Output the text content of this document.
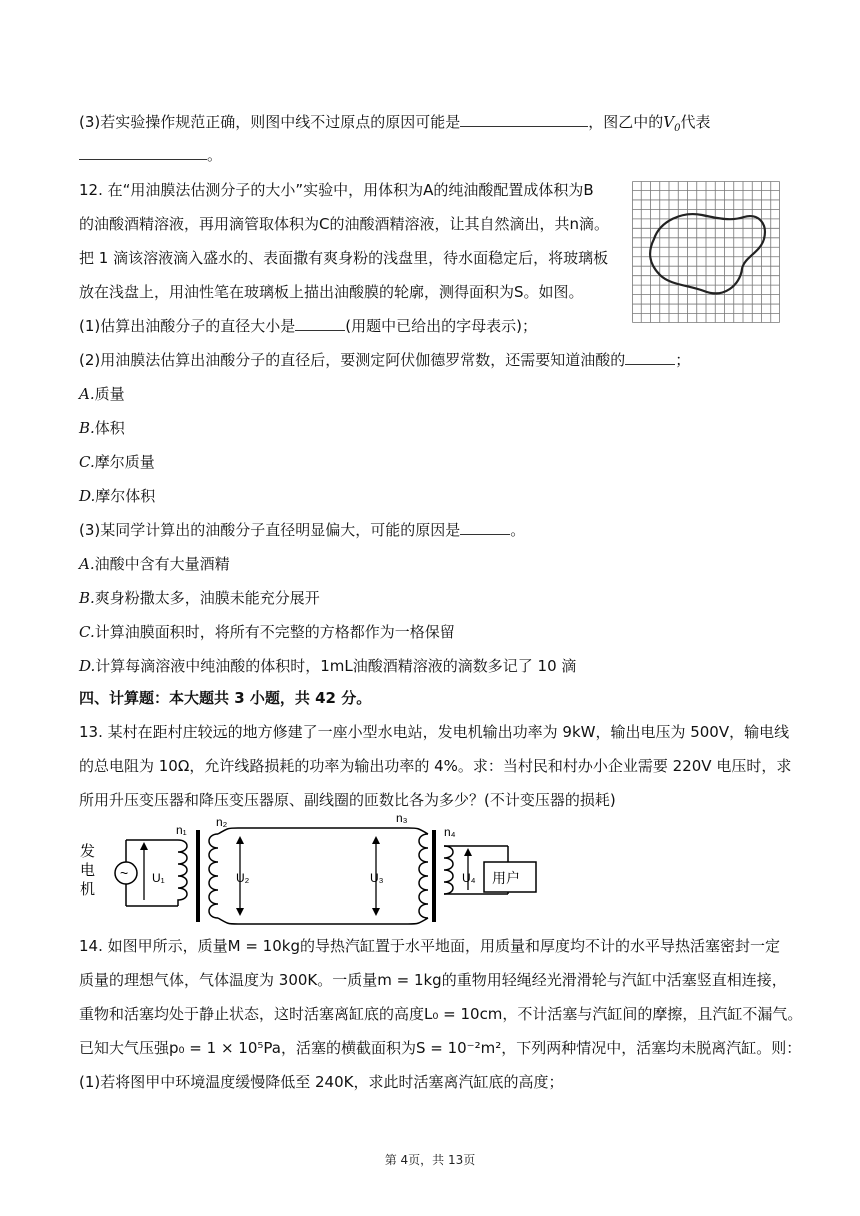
(3)若实验操作规范正确，则图中线不过原点的原因可能是	，图乙中的$V_0$代表
。
12. 在“用油膜法估测分子的大小”实验中，用体积为A的纯油酸配置成体积为B
的油酸酒精溶液，再用滴管取体积为C的油酸酒精溶液，让其自然滴出，共n滴。
把 1 滴该溶液滴入盛水的、表面撒有爽身粉的浅盘里，待水面稳定后，将玻璃板
放在浅盘上，用油性笔在玻璃板上描出油酸膜的轮廓，测得面积为S。如图。
(1)估算出油酸分子的直径大小是	(用题中已给出的字母表示)；
(2)用油膜法估算出油酸分子的直径后，要测定阿伏伽德罗常数，还需要知道油酸的	；
A.质量
B.体积
C.摩尔质量
D.摩尔体积
(3)某同学计算出的油酸分子直径明显偏大，可能的原因是	。
A.油酸中含有大量酒精
B.爽身粉撒太多，油膜未能充分展开
C.计算油膜面积时，将所有不完整的方格都作为一格保留
D.计算每滴溶液中纯油酸的体积时，1mL油酸酒精溶液的滴数多记了 10 滴
四、计算题：本大题共 3 小题，共 42 分。
13. 某村在距村庄较远的地方修建了一座小型水电站，发电机输出功率为 9kW，输出电压为 500V，输电线
的总电阻为 10Ω，允许线路损耗的功率为输出功率的 4%。求：当村民和村办小企业需要 220V 电压时，求
所用升压变压器和降压变压器原、副线圈的匝数比各为多少？(不计变压器的损耗)
发
电
机
~ U₁
n₁
n₂
U₂	U₃
n₃
n₄
U₄ 用户
14. 如图甲所示，质量M = 10kg的导热汽缸置于水平地面，用质量和厚度均不计的水平导热活塞密封一定
质量的理想气体，气体温度为 300K。一质量m = 1kg的重物用轻绳经光滑滑轮与汽缸中活塞竖直相连接，
重物和活塞均处于静止状态，这时活塞离缸底的高度L₀ = 10cm，不计活塞与汽缸间的摩擦，且汽缸不漏气。
已知大气压强p₀ = 1 × 10⁵Pa，活塞的横截面积为S = 10⁻²m²，下列两种情况中，活塞均未脱离汽缸。则：
(1)若将图甲中环境温度缓慢降低至 240K，求此时活塞离汽缸底的高度；
第 4页，共 13页
